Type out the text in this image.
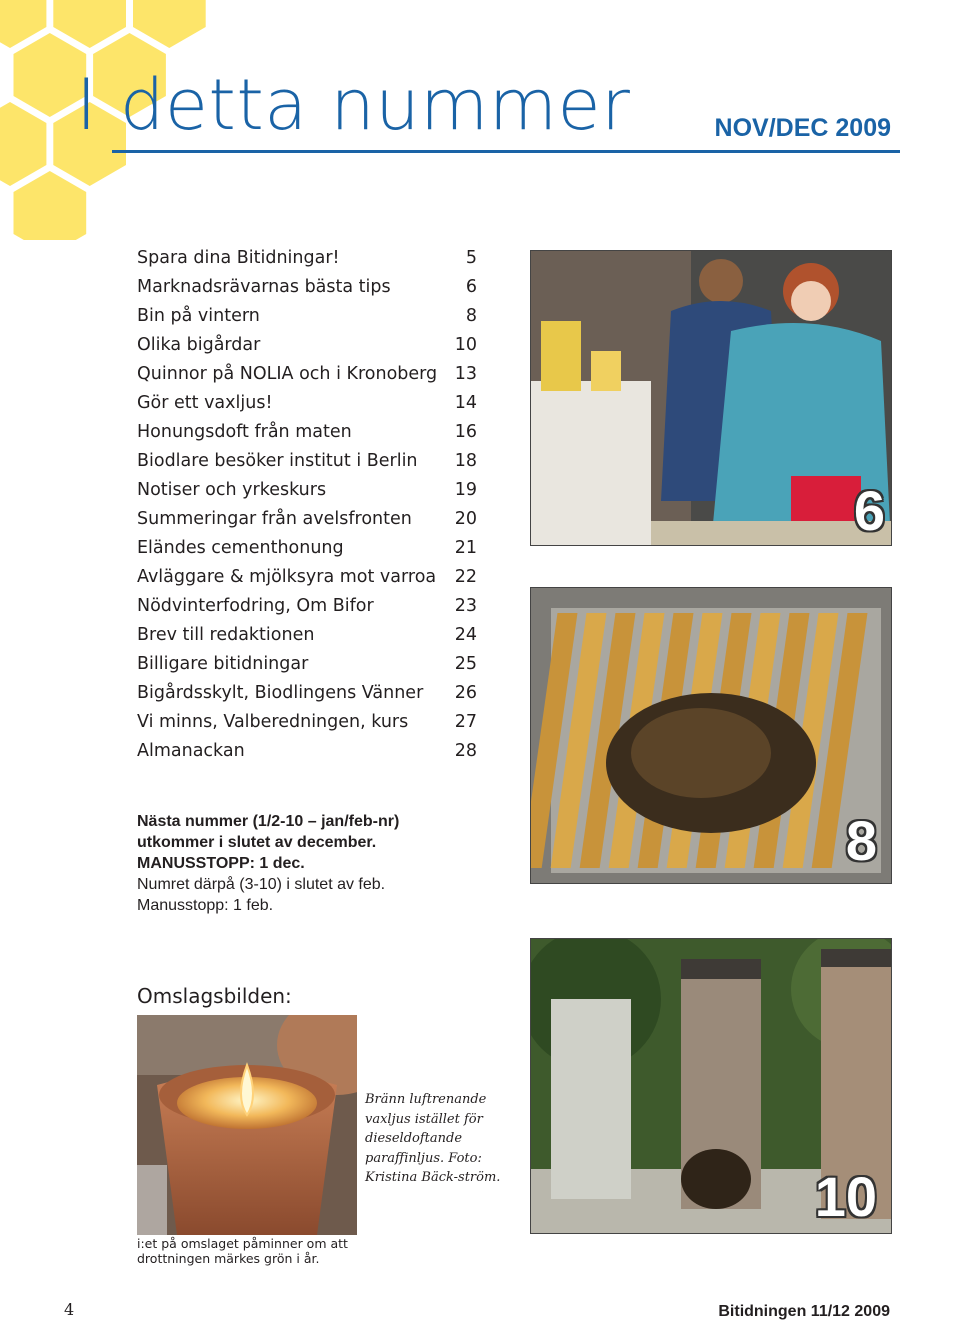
I detta nummer	NOV/DEC 2009
Spara dina Bitidningar!	5
Marknadsrävarnas bästa tips	6
Bin på vintern	8
Olika bigårdar	10
Quinnor på NOLIA och i Kronoberg 13
Gör ett vaxljus!	14
Honungsdoft från maten	16
Biodlare besöker institut i Berlin 18
Notiser och yrkeskurs	19
Summeringar från avelsfronten 20
Eländes cementhonung	21
Avläggare & mjölksyra mot varroa 22
Nödvinterfodring, Om Bifor	23
Brev till redaktionen	24
Billigare bitidningar	25
Bigårdsskylt, Biodlingens Vänner 26
Vi minns, Valberedningen, kurs	27
Almanackan	28
Nästa nummer (1/2-10 – jan/feb-nr)
utkommer i slutet av december.
MANUSSTOPP: 1 dec.
Numret därpå (3-10) i slutet av feb.
Manusstopp: 1 feb.
Omslagsbilden:
Bränn luftrenande vaxljus istället för dieseldoftande paraffinljus. Foto: Kristina Bäck-ström.
i:et på omslaget påminner om att drottningen märkes grön i år.
6
8
10
4	Bitidningen 11/12 2009
